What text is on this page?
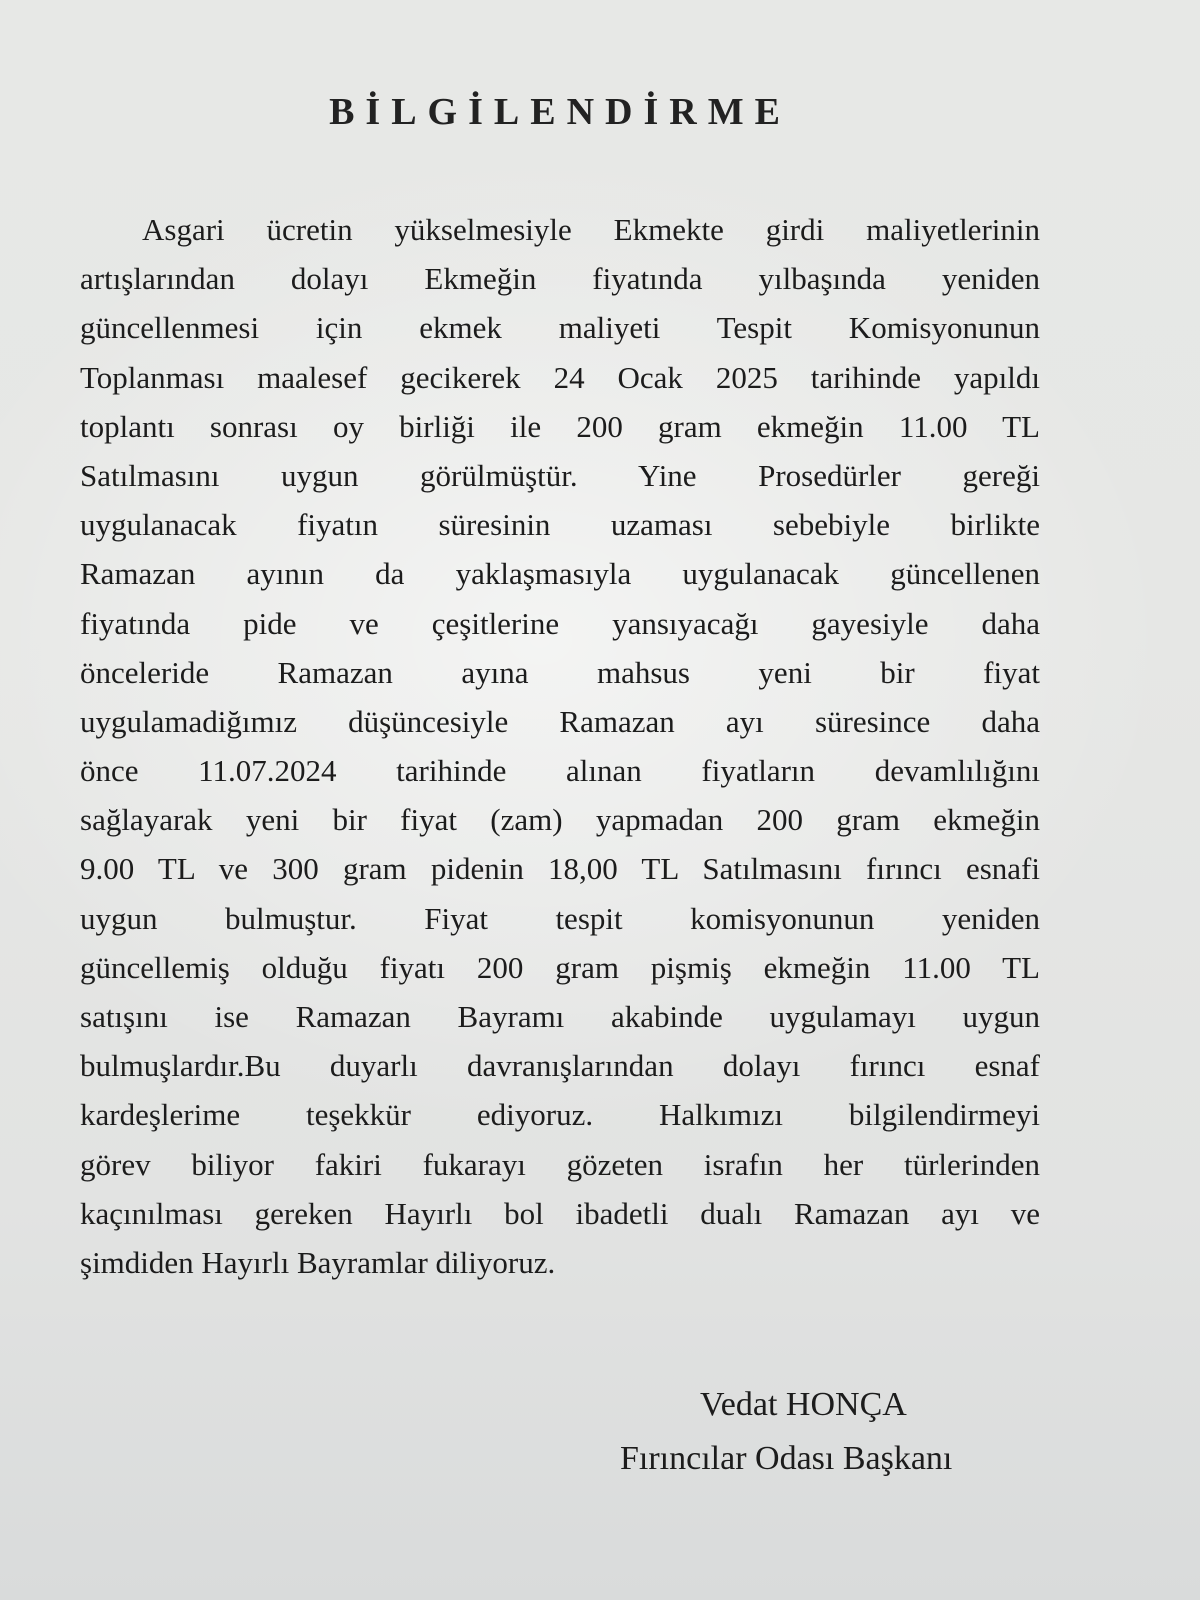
BİLGİLENDİRME
Asgari ücretin yükselmesiyle Ekmekte girdi maliyetlerinin
artışlarından dolayı Ekmeğin fiyatında yılbaşında yeniden
güncellenmesi için ekmek maliyeti Tespit Komisyonunun
Toplanması maalesef gecikerek 24 Ocak 2025 tarihinde yapıldı
toplantı sonrası oy birliği ile 200 gram ekmeğin 11.00 TL
Satılmasını uygun görülmüştür. Yine Prosedürler gereği
uygulanacak fiyatın süresinin uzaması sebebiyle birlikte
Ramazan ayının da yaklaşmasıyla uygulanacak güncellenen
fiyatında pide ve çeşitlerine yansıyacağı gayesiyle daha
önceleride Ramazan ayına mahsus yeni bir fiyat
uygulamadiğımız düşüncesiyle Ramazan ayı süresince daha
önce 11.07.2024 tarihinde alınan fiyatların devamlılığını
sağlayarak yeni bir fiyat (zam) yapmadan 200 gram ekmeğin
9.00 TL ve 300 gram pidenin 18,00 TL Satılmasını fırıncı esnafi
uygun bulmuştur. Fiyat tespit komisyonunun yeniden
güncellemiş olduğu fiyatı 200 gram pişmiş ekmeğin 11.00 TL
satışını ise Ramazan Bayramı akabinde uygulamayı uygun
bulmuşlardır.Bu duyarlı davranışlarından dolayı fırıncı esnaf
kardeşlerime teşekkür ediyoruz. Halkımızı bilgilendirmeyi
görev biliyor fakiri fukarayı gözeten israfın her türlerinden
kaçınılması gereken Hayırlı bol ibadetli dualı Ramazan ayı ve
şimdiden Hayırlı Bayramlar diliyoruz.
Vedat HONÇA
Fırıncılar Odası Başkanı
